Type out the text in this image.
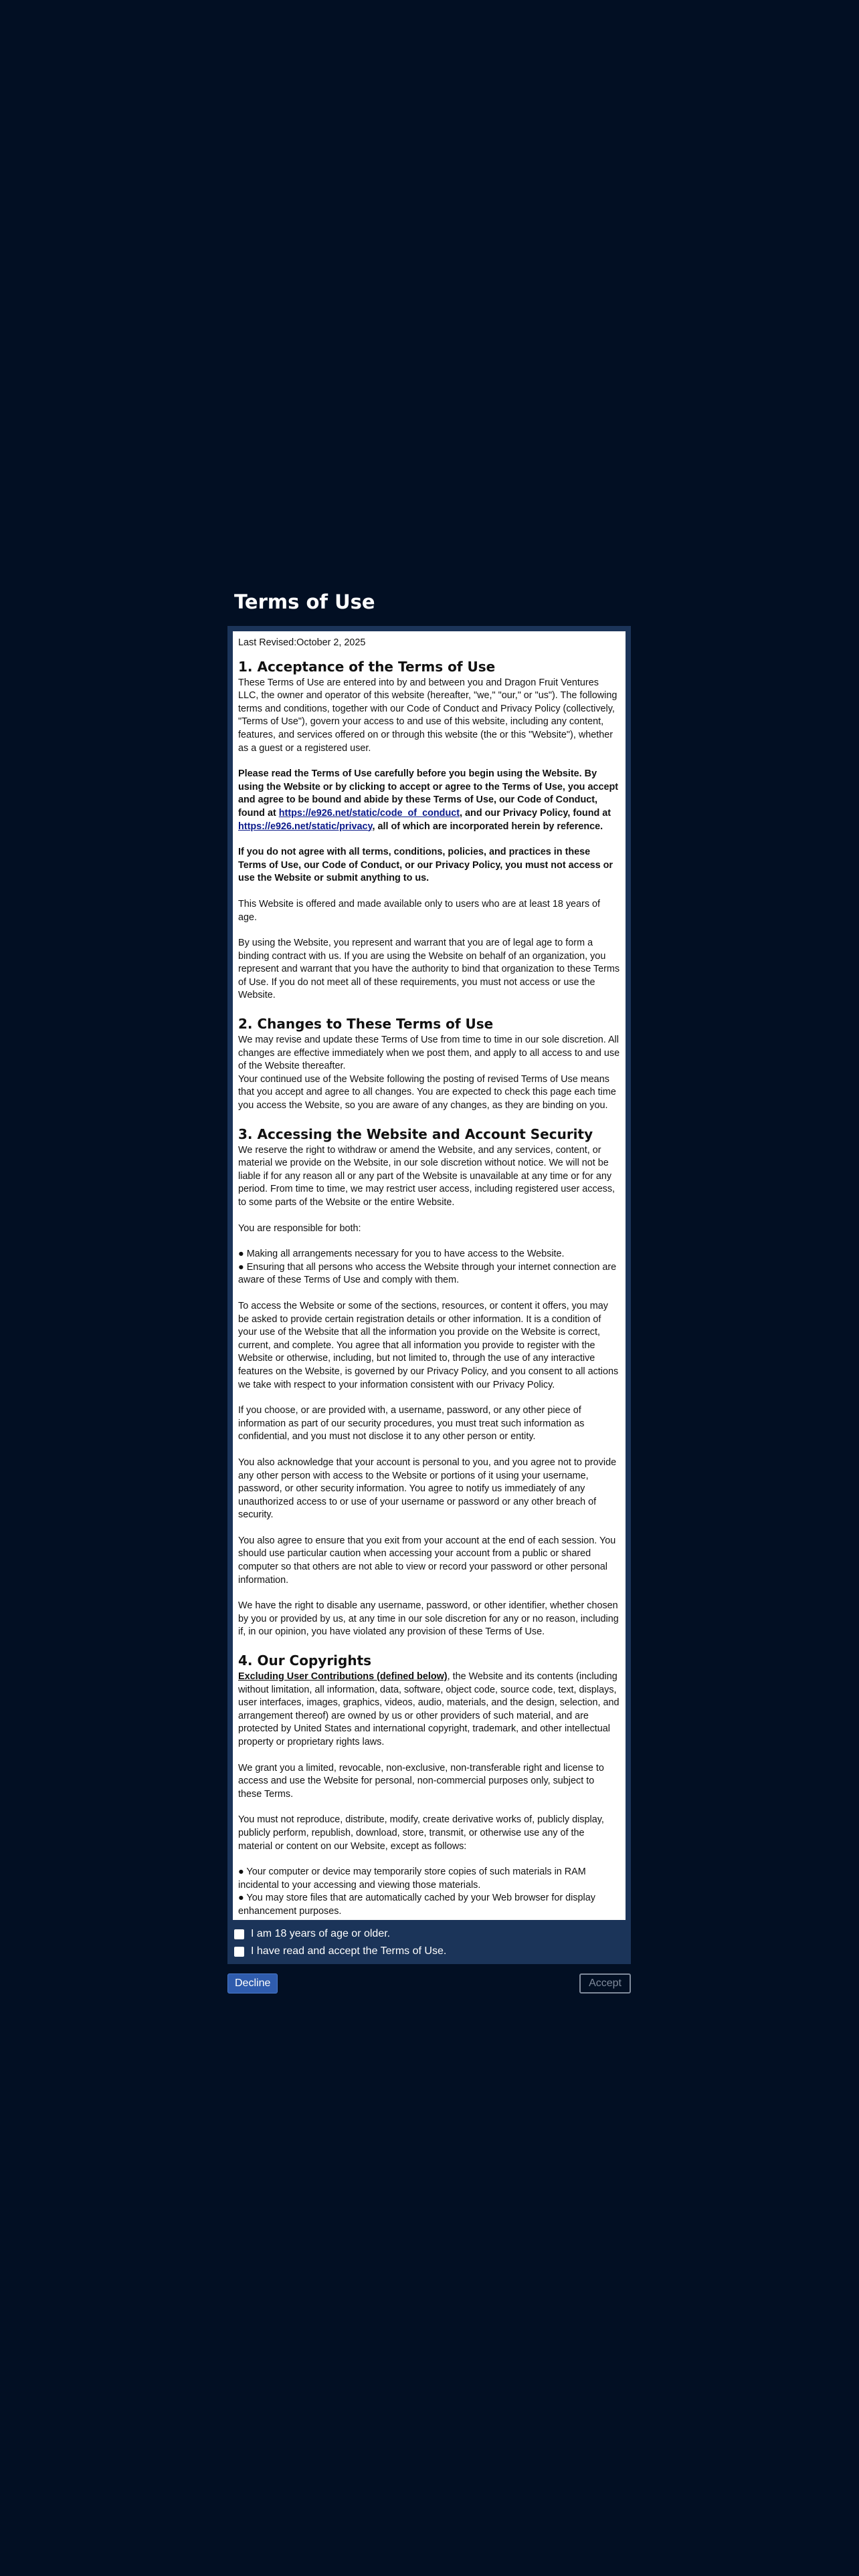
Terms of Use

Last Revised:October 2, 2025

1. Acceptance of the Terms of Use

These Terms of Use are entered into by and between you and Dragon Fruit Ventures LLC, the owner and operator of this website (hereafter, "we," "our," or "us"). The following terms and conditions, together with our Code of Conduct and Privacy Policy (collectively, "Terms of Use"), govern your access to and use of this website, including any content, features, and services offered on or through this website (the or this "Website"), whether as a guest or a registered user.

Please read the Terms of Use carefully before you begin using the Website. By using the Website or by clicking to accept or agree to the Terms of Use, you accept and agree to be bound and abide by these Terms of Use, our Code of Conduct, found at https://e926.net/static/code_of_conduct, and our Privacy Policy, found at https://e926.net/static/privacy, all of which are incorporated herein by reference.

If you do not agree with all terms, conditions, policies, and practices in these Terms of Use, our Code of Conduct, or our Privacy Policy, you must not access or use the Website or submit anything to us.

This Website is offered and made available only to users who are at least 18 years of age.

By using the Website, you represent and warrant that you are of legal age to form a binding contract with us. If you are using the Website on behalf of an organization, you represent and warrant that you have the authority to bind that organization to these Terms of Use. If you do not meet all of these requirements, you must not access or use the Website.

2. Changes to These Terms of Use

We may revise and update these Terms of Use from time to time in our sole discretion. All changes are effective immediately when we post them, and apply to all access to and use of the Website thereafter.

Your continued use of the Website following the posting of revised Terms of Use means that you accept and agree to all changes. You are expected to check this page each time you access the Website, so you are aware of any changes, as they are binding on you.

3. Accessing the Website and Account Security

We reserve the right to withdraw or amend the Website, and any services, content, or material we provide on the Website, in our sole discretion without notice. We will not be liable if for any reason all or any part of the Website is unavailable at any time or for any period. From time to time, we may restrict user access, including registered user access, to some parts of the Website or the entire Website.

You are responsible for both:

● Making all arrangements necessary for you to have access to the Website.

● Ensuring that all persons who access the Website through your internet connection are aware of these Terms of Use and comply with them.

To access the Website or some of the sections, resources, or content it offers, you may be asked to provide certain registration details or other information. It is a condition of your use of the Website that all the information you provide on the Website is correct, current, and complete. You agree that all information you provide to register with the Website or otherwise, including, but not limited to, through the use of any interactive features on the Website, is governed by our Privacy Policy, and you consent to all actions we take with respect to your information consistent with our Privacy Policy.

If you choose, or are provided with, a username, password, or any other piece of information as part of our security procedures, you must treat such information as confidential, and you must not disclose it to any other person or entity.

You also acknowledge that your account is personal to you, and you agree not to provide any other person with access to the Website or portions of it using your username, password, or other security information. You agree to notify us immediately of any unauthorized access to or use of your username or password or any other breach of security.

You also agree to ensure that you exit from your account at the end of each session. You should use particular caution when accessing your account from a public or shared computer so that others are not able to view or record your password or other personal information.

We have the right to disable any username, password, or other identifier, whether chosen by you or provided by us, at any time in our sole discretion for any or no reason, including if, in our opinion, you have violated any provision of these Terms of Use.

4. Our Copyrights

Excluding User Contributions (defined below), the Website and its contents (including without limitation, all information, data, software, object code, source code, text, displays, user interfaces, images, graphics, videos, audio, materials, and the design, selection, and arrangement thereof) are owned by us or other providers of such material, and are protected by United States and international copyright, trademark, and other intellectual property or proprietary rights laws.

We grant you a limited, revocable, non-exclusive, non-transferable right and license to access and use the Website for personal, non-commercial purposes only, subject to these Terms.

You must not reproduce, distribute, modify, create derivative works of, publicly display, publicly perform, republish, download, store, transmit, or otherwise use any of the material or content on our Website, except as follows:

● Your computer or device may temporarily store copies of such materials in RAM incidental to your accessing and viewing those materials.

● You may store files that are automatically cached by your Web browser for display enhancement purposes.

I am 18 years of age or older.
I have read and accept the Terms of Use.
Decline	Accept
